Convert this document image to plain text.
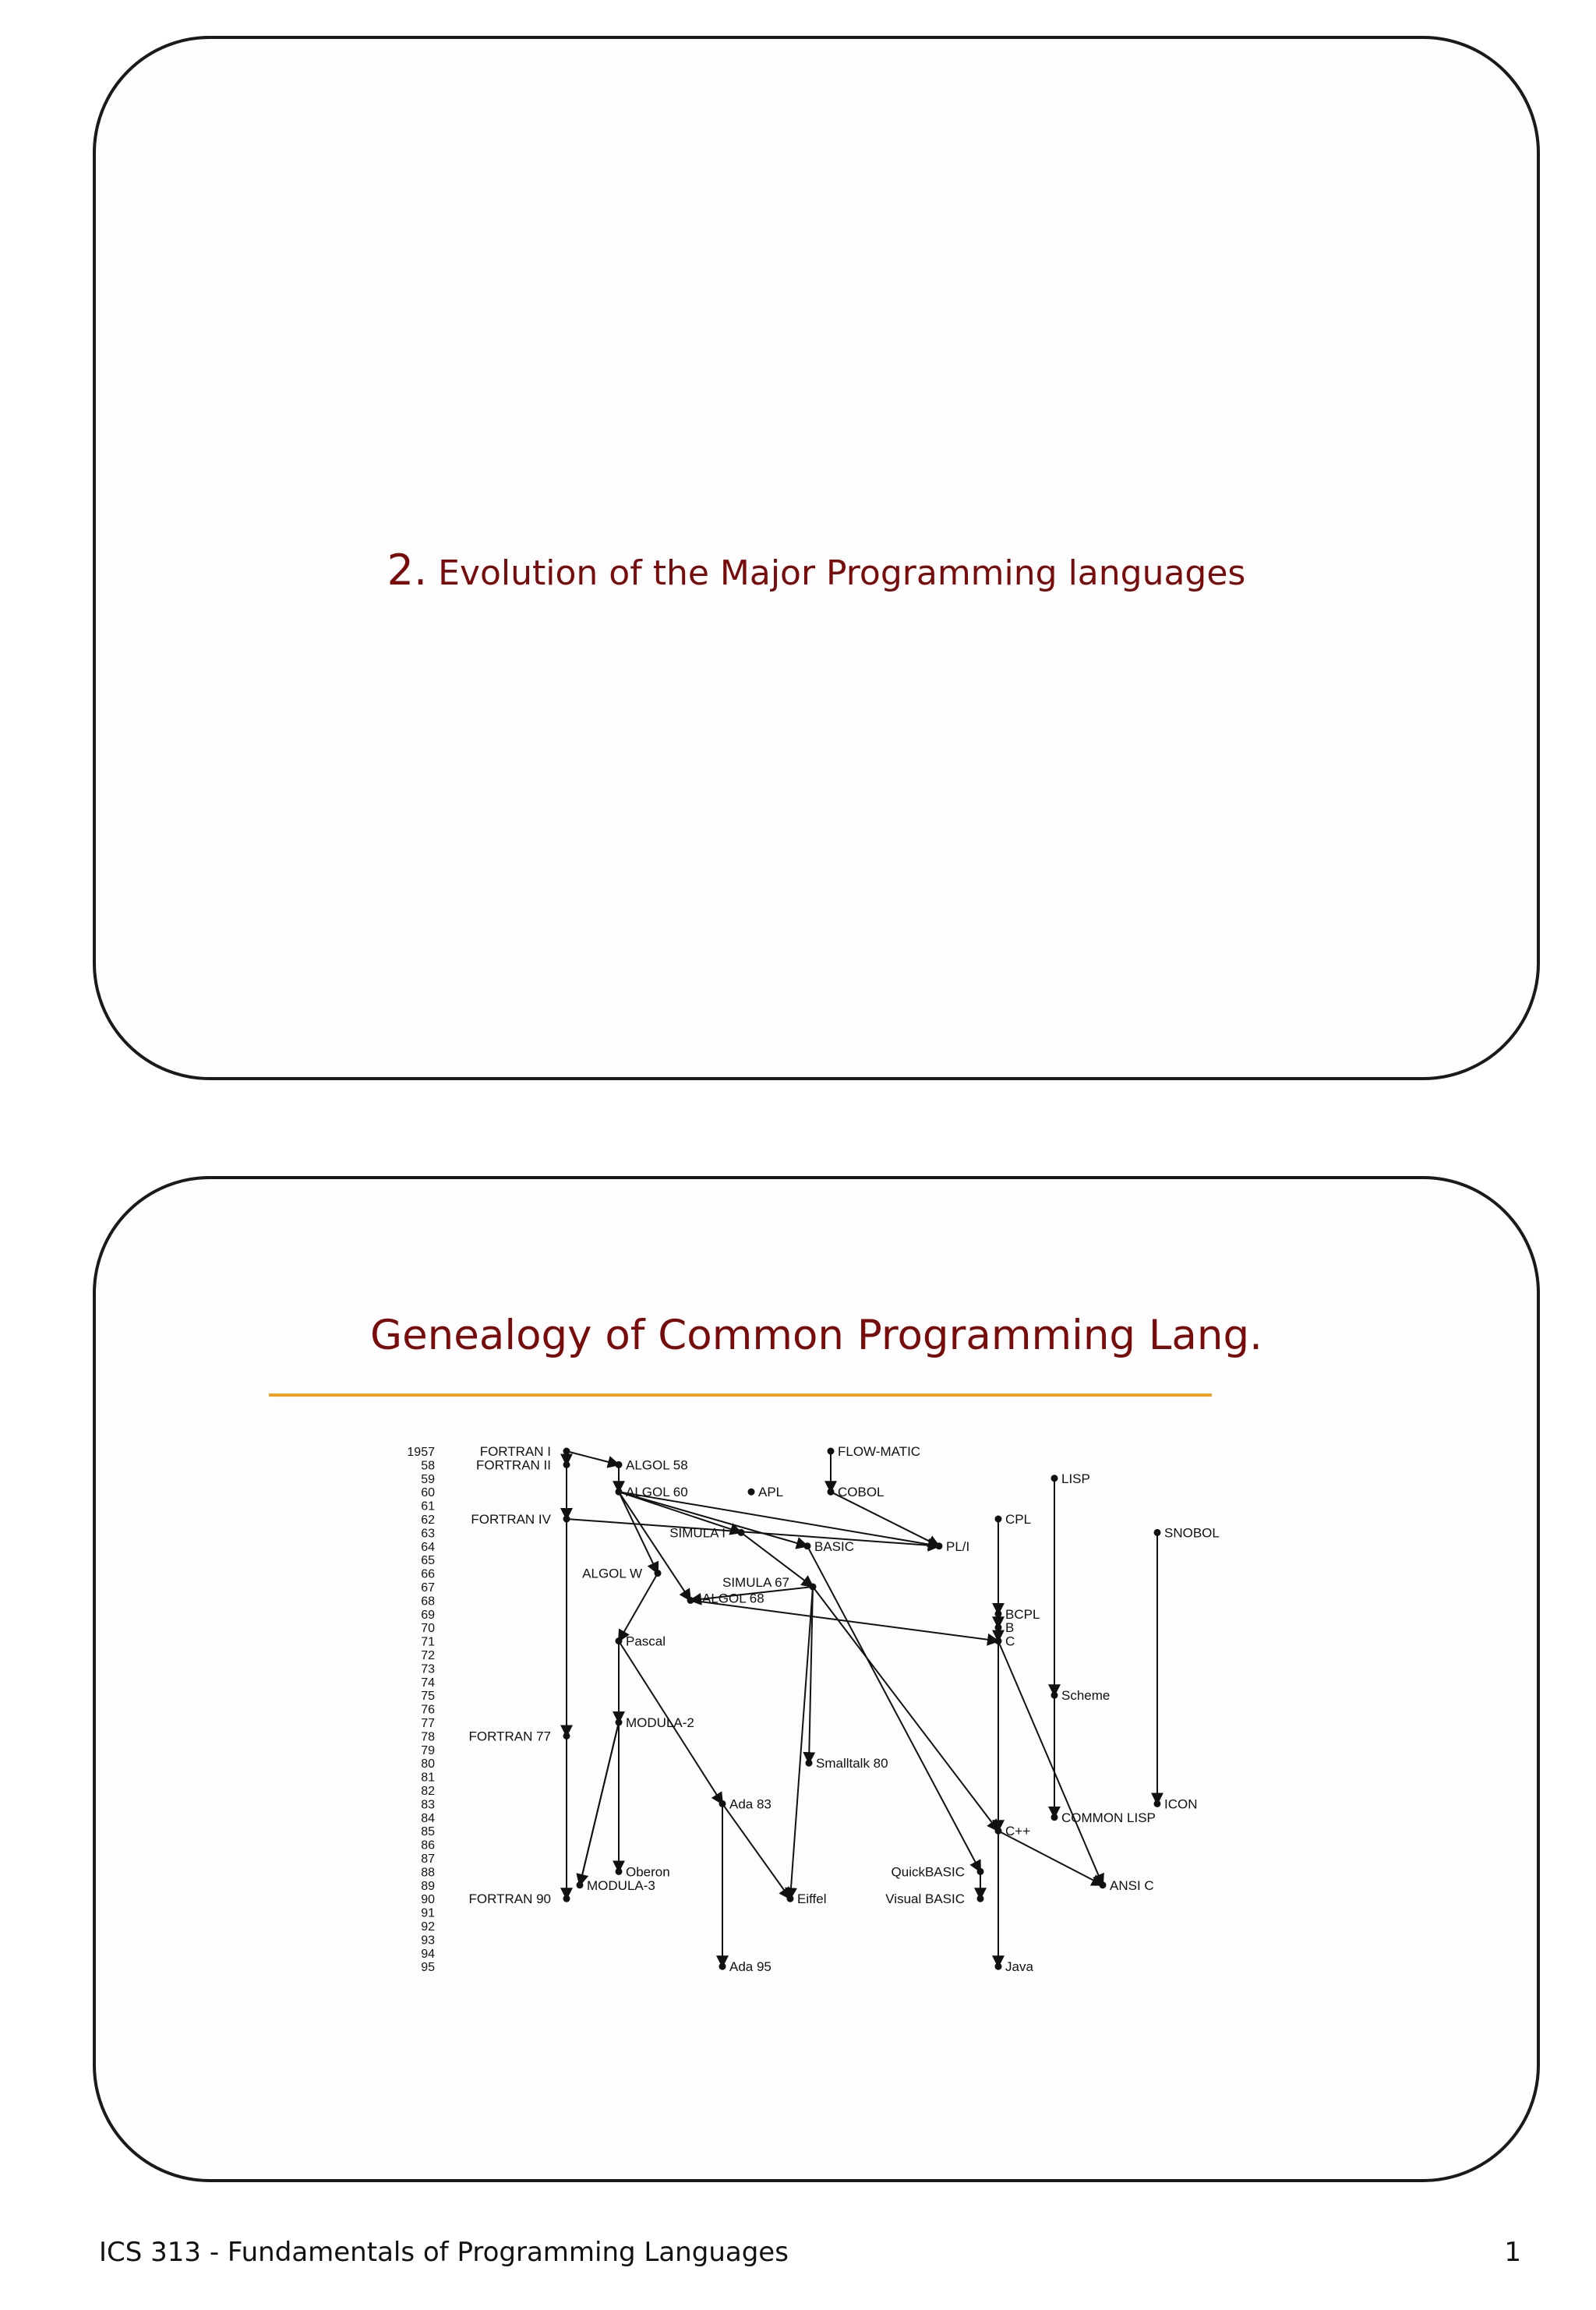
2. Evolution of the Major Programming languages
Genealogy of Common Programming Lang.
FORTRAN I
FORTRAN II
FORTRAN IV
FORTRAN 77
FORTRAN 90
ALGOL 58
ALGOL 60
ALGOL W
ALGOL 68
SIMULA I
SIMULA 67
Pascal
MODULA-2
MODULA-3
Oberon
Ada 83
Ada 95
Eiffel
Smalltalk 80
APL
FLOW-MATIC
COBOL
BASIC
QuickBASIC
Visual BASIC
PL/I
CPL
BCPL
B
C
C++
Java
LISP
Scheme
COMMON LISP
SNOBOL
ICON
ANSI C
1957
58
59
60
61
62
63
64
65
66
67
68
69
70
71
72
73
74
75
76
77
78
79
80
81
82
83
84
85
86
87
88
89
90
91
92
93
94
95
ICS 313 - Fundamentals of Programming Languages	1
